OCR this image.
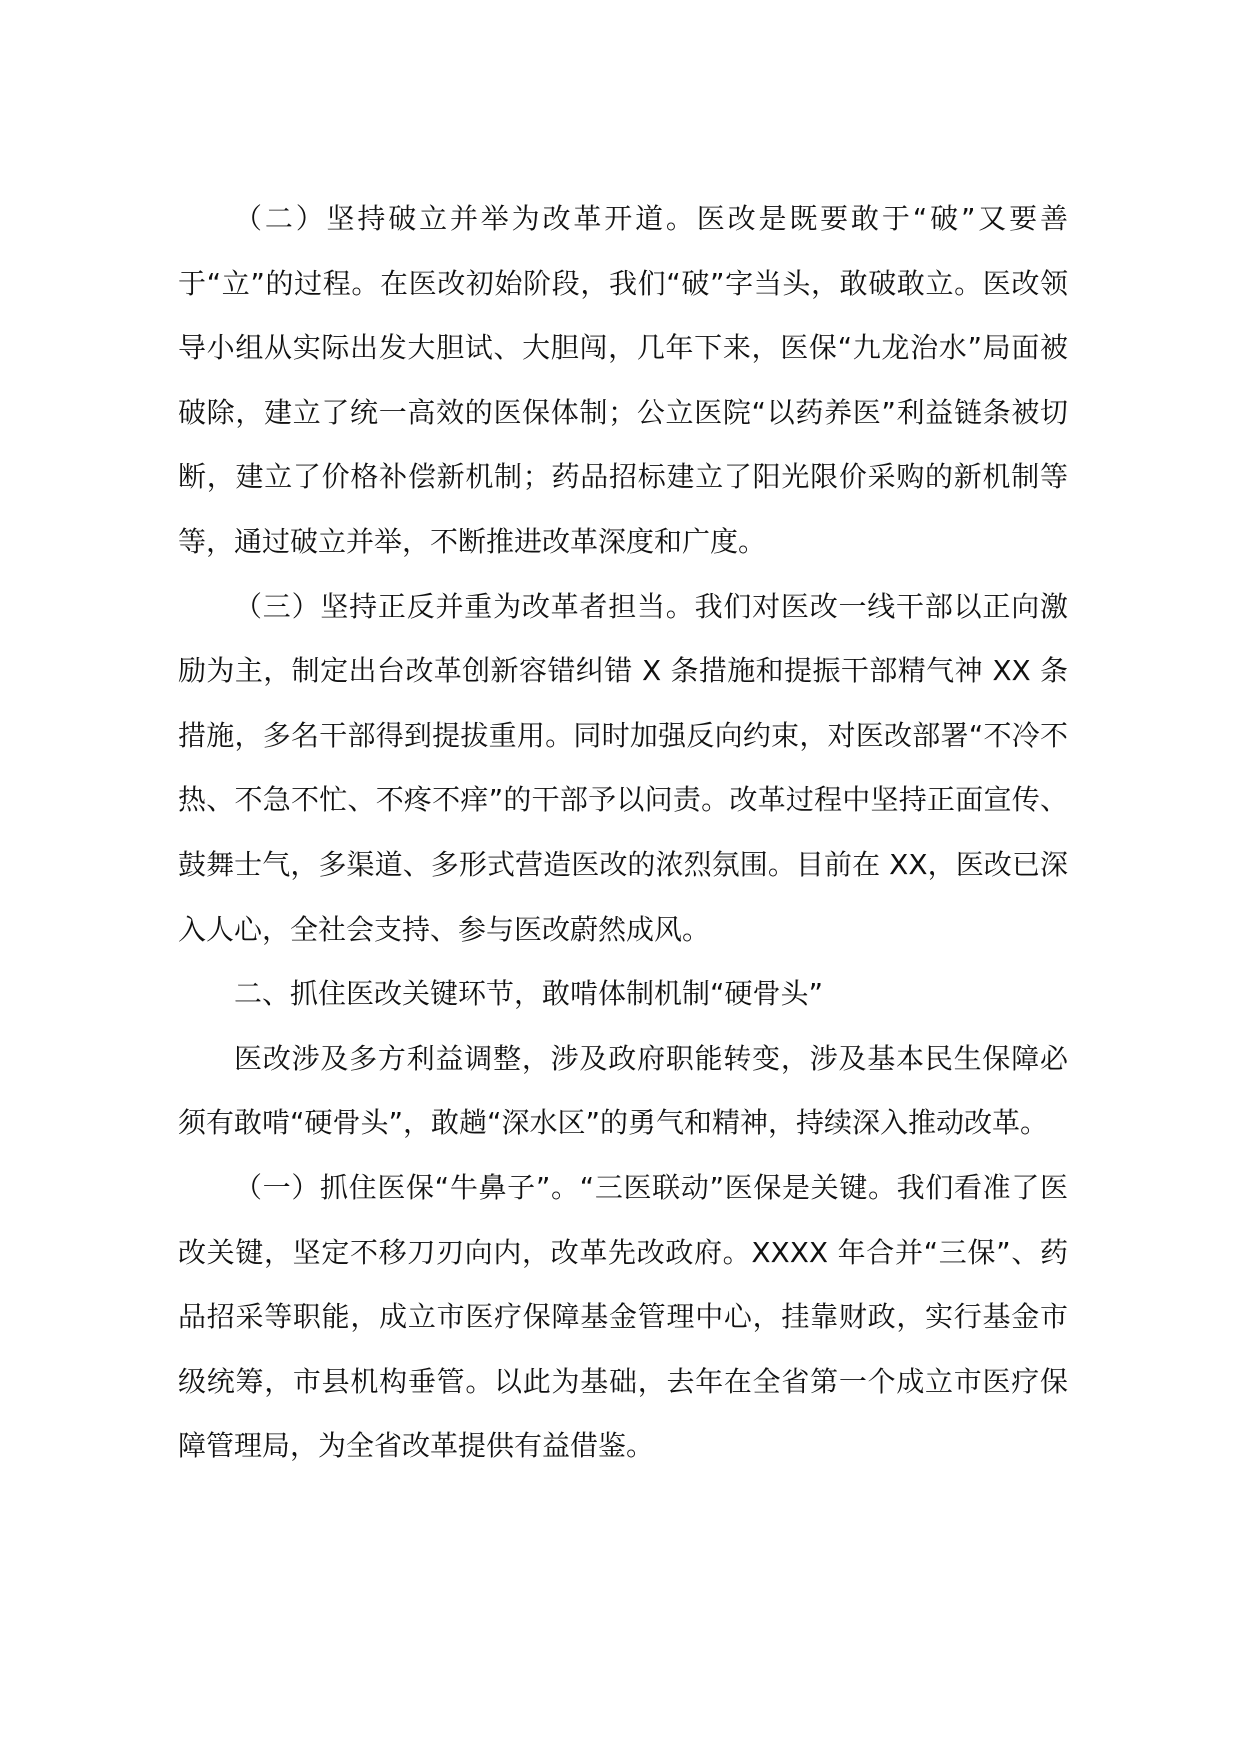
（二）坚持破立并举为改革开道。医改是既要敢于“破”又要善于“立”的过程。在医改初始阶段，我们“破”字当头，敢破敢立。医改领导小组从实际出发大胆试、大胆闯，几年下来，医保“九龙治水”局面被破除，建立了统一高效的医保体制；公立医院“以药养医”利益链条被切断，建立了价格补偿新机制；药品招标建立了阳光限价采购的新机制等等，通过破立并举，不断推进改革深度和广度。

（三）坚持正反并重为改革者担当。我们对医改一线干部以正向激励为主，制定出台改革创新容错纠错 X 条措施和提振干部精气神 XX 条措施，多名干部得到提拔重用。同时加强反向约束，对医改部署“不冷不热、不急不忙、不疼不痒”的干部予以问责。改革过程中坚持正面宣传、鼓舞士气，多渠道、多形式营造医改的浓烈氛围。目前在 XX，医改已深入人心，全社会支持、参与医改蔚然成风。

二、抓住医改关键环节，敢啃体制机制“硬骨头”

医改涉及多方利益调整，涉及政府职能转变，涉及基本民生保障必须有敢啃“硬骨头”，敢趟“深水区”的勇气和精神，持续深入推动改革。

（一）抓住医保“牛鼻子”。“三医联动”医保是关键。我们看准了医改关键，坚定不移刀刃向内，改革先改政府。XXXX 年合并“三保”、药品招采等职能，成立市医疗保障基金管理中心，挂靠财政，实行基金市级统筹，市县机构垂管。以此为基础，去年在全省第一个成立市医疗保障管理局，为全省改革提供有益借鉴。
